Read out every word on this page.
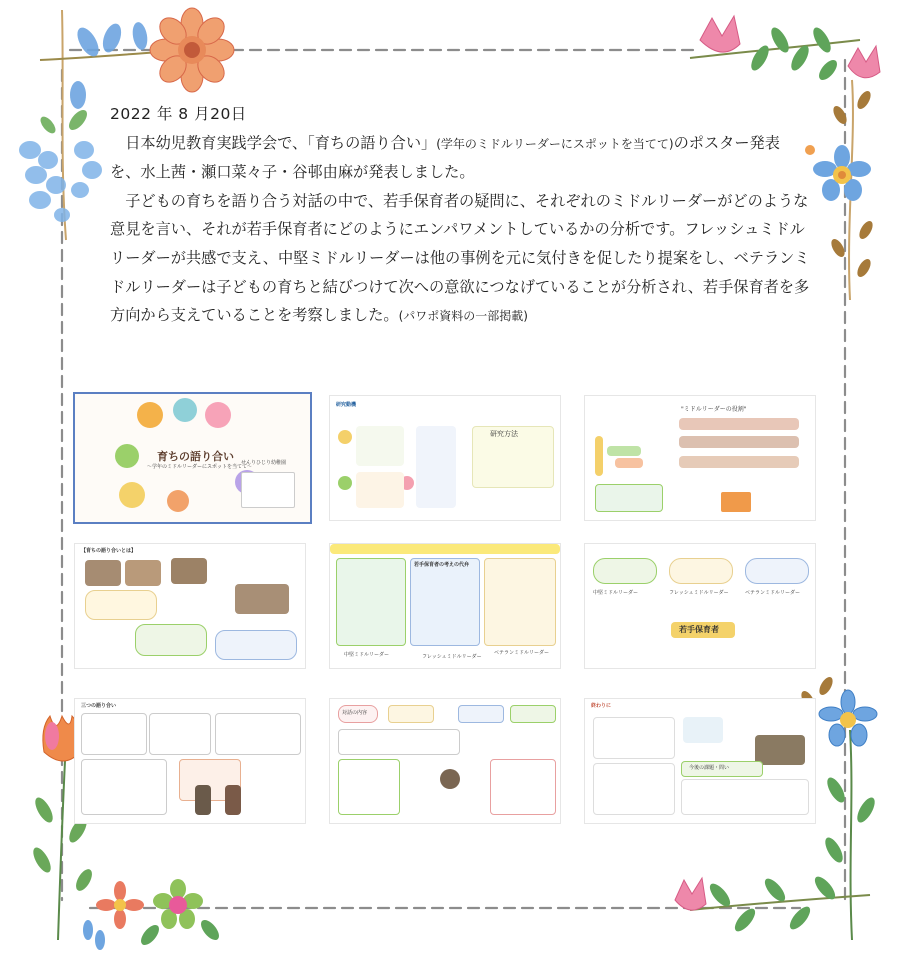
2022 年 8 月20日

日本幼児教育実践学会で、「育ちの語り合い」(学年のミドルリーダーにスポットを当てて)のポスター発表を、水上茜・瀬口菜々子・谷邨由麻が発表しました。

子どもの育ちを語り合う対話の中で、若手保育者の疑問に、それぞれのミドルリーダーがどのような意見を言い、それが若手保育者にどのようにエンパワメントしているかの分析です。フレッシュミドルリーダーが共感で支え、中堅ミドルリーダーは他の事例を元に気付きを促したり提案をし、ベテランミドルリーダーは子どもの育ちと結びつけて次への意欲につなげていることが分析され、若手保育者を多方向から支えていることを考察しました。(パワポ資料の一部掲載)

育ちの語り合い
～学年のミドルリーダーにスポットを当てて～
せんりひじり幼稚園
研究動機
研究方法
"ミドルリーダーの役割"
【育ちの語り合いとは】
若手保育者の考えの代弁
中堅ミドルリーダー	フレッシュミドルリーダー
ベテランミドルリーダー
フレッシュミドルリーダー
中堅ミドルリーダー	ベテランミドルリーダー
若手保育者
三つの語り合い
対話の内容
終わりに
今後の課題・問い
